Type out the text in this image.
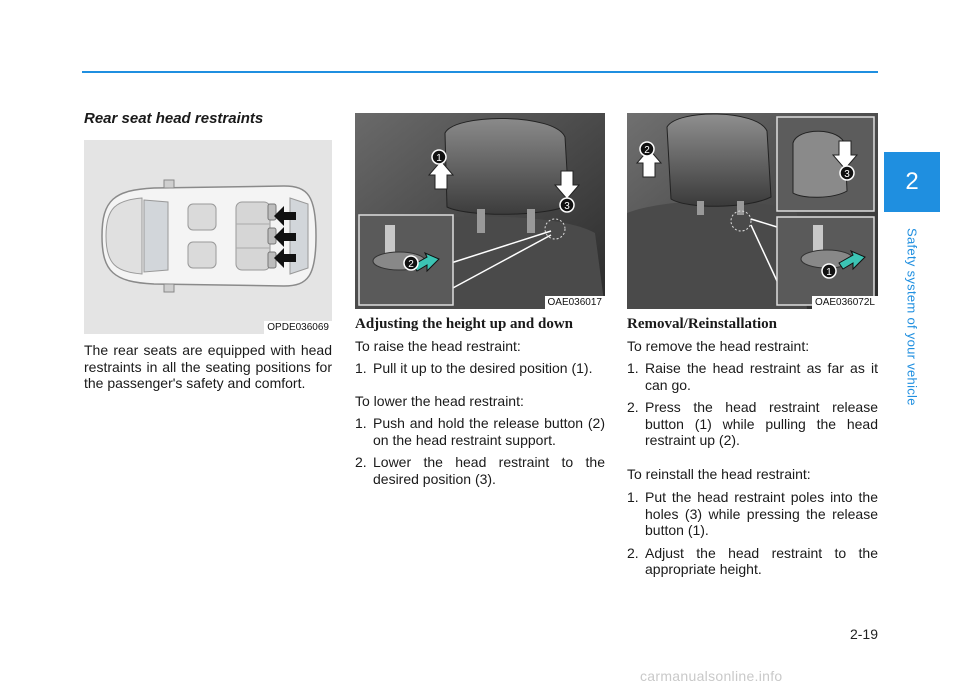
2
Safety system of your vehicle
Rear seat head restraints
OPDE036069
The rear seats are equipped with head restraints in all the seating positions for the passenger's safety and comfort.
1
3
2
OAE036017
Adjusting the height up and down
To raise the head restraint:
1. Pull it up to the desired position (1).
To lower the head restraint:
1. Push and hold the release button (2) on the head restraint support.
2. Lower the head restraint to the desired position (3).
2
3
1
OAE036072L
Removal/Reinstallation
To remove the head restraint:
1. Raise the head restraint as far as it can go.
2. Press the head restraint release button (1) while pulling the head restraint up (2).
To reinstall the head restraint:
1. Put the head restraint poles into the holes (3) while pressing the release button (1).
2. Adjust the head restraint to the appropriate height.
2-19
carmanualsonline.info
